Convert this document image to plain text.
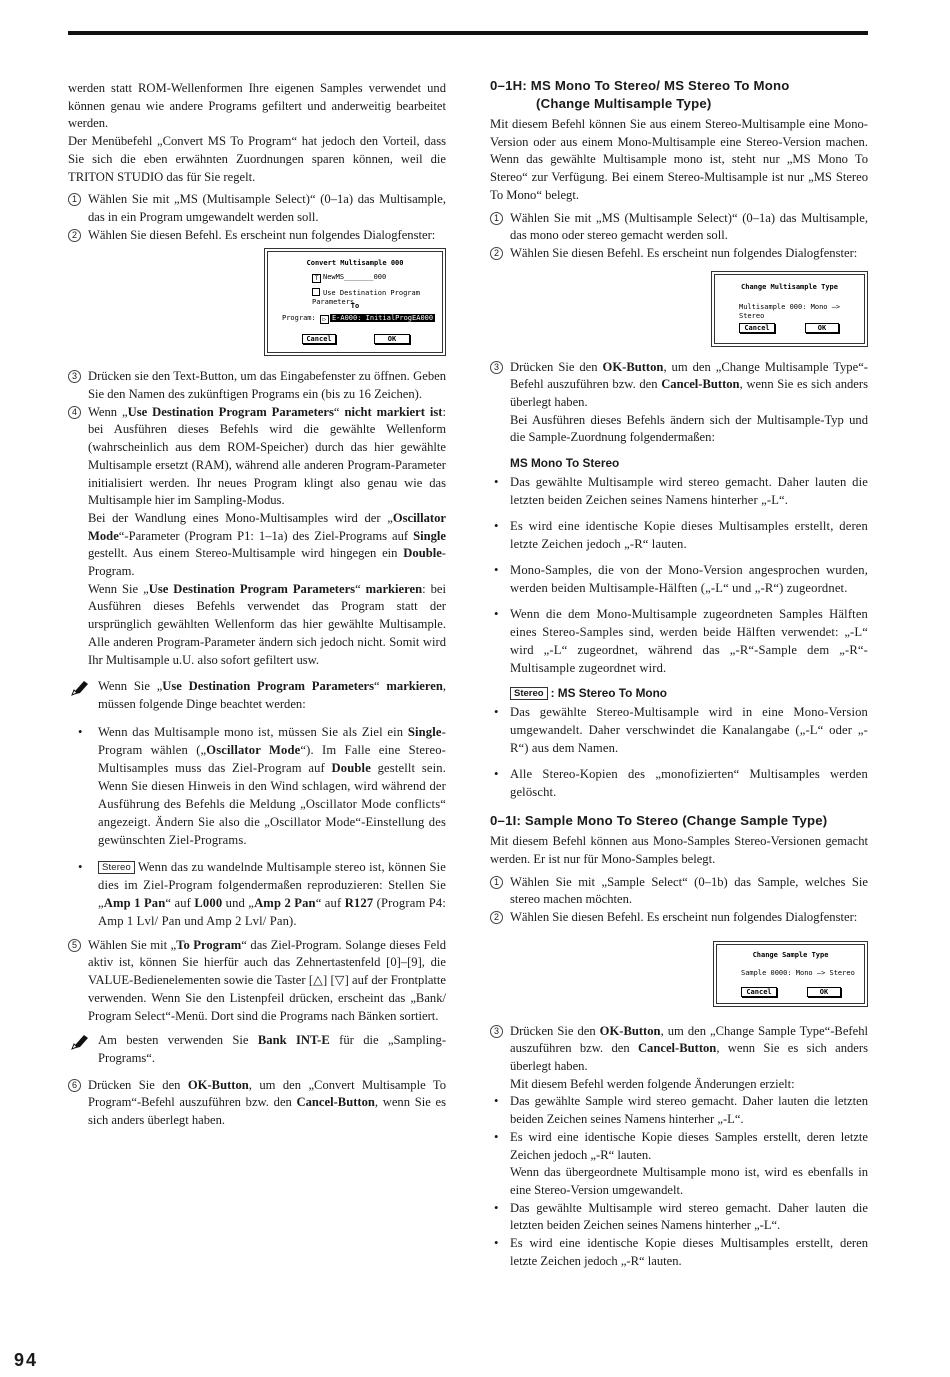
werden statt ROM-Wellenformen Ihre eigenen Samples verwendet und können genau wie andere Programs gefiltert und anderweitig bearbeitet werden.

Der Menübefehl „Convert MS To Program“ hat jedoch den Vorteil, dass Sie sich die eben erwähnten Zuordnungen sparen können, weil die TRITON STUDIO das für Sie regelt.

1 Wählen Sie mit „MS (Multisample Select)“ (0–1a) das Multisample, das in ein Program umgewandelt werden soll.

2 Wählen Sie diesen Befehl. Es erscheint nun folgendes Dialogfenster:

Convert Multisample 000
T NewMS_______000
Use Destination Program Parameters
To
Program: ▷ E-A000: InitialProgEA000
Cancel	OK
3 Drücken sie den Text-Button, um das Eingabefenster zu öffnen. Geben Sie den Namen des zukünftigen Programs ein (bis zu 16 Zeichen).

4 Wenn „Use Destination Program Parameters“ nicht markiert ist: bei Ausführen dieses Befehls wird die gewählte Wellenform (wahrscheinlich aus dem ROM-Speicher) durch das hier gewählte Multisample ersetzt (RAM), während alle anderen Program-Parameter initialisiert werden. Ihr neues Program klingt also genau wie das Multisample hier im Sampling-Modus.

Bei der Wandlung eines Mono-Multisamples wird der „Oscillator Mode“-Parameter (Program P1: 1–1a) des Ziel-Programs auf Single gestellt. Aus einem Stereo-Multisample wird hingegen ein Double-Program.

Wenn Sie „Use Destination Program Parameters“ markieren: bei Ausführen dieses Befehls verwendet das Program statt der ursprünglich gewählten Wellenform das hier gewählte Multisample. Alle anderen Program-Parameter ändern sich jedoch nicht. Somit wird Ihr Multisample u.U. also sofort gefiltert usw.

Wenn Sie „Use Destination Program Parameters“ markieren, müssen folgende Dinge beachtet werden:

• Wenn das Multisample mono ist, müssen Sie als Ziel ein Single-Program wählen („Oscillator Mode“). Im Falle eine Stereo-Multisamples muss das Ziel-Program auf Double gestellt sein. Wenn Sie diesen Hinweis in den Wind schlagen, wird während der Ausführung des Befehls die Meldung „Oscillator Mode conflicts“ angezeigt. Ändern Sie also die „Oscillator Mode“-Einstellung des gewünschten Ziel-Programs.

•	Stereo Wenn das zu wandelnde Multisample stereo ist, können Sie dies im Ziel-Program folgendermaßen reproduzieren: Stellen Sie „Amp 1 Pan“ auf L000 und „Amp 2 Pan“ auf R127 (Program P4: Amp 1 Lvl/ Pan und Amp 2 Lvl/ Pan).

5 Wählen Sie mit „To Program“ das Ziel-Program. Solange dieses Feld aktiv ist, können Sie hierfür auch das Zehnertastenfeld [0]–[9], die VALUE-Bedienelementen sowie die Taster [△] [▽] auf der Frontplatte verwenden. Wenn Sie den Listenpfeil drücken, erscheint das „Bank/ Program Select“-Menü. Dort sind die Programs nach Bänken sortiert.

Am besten verwenden Sie Bank INT-E für die „Sampling-Programs“.

6 Drücken Sie den OK-Button, um den „Convert Multisample To Program“-Befehl auszuführen bzw. den Cancel-Button, wenn Sie es sich anders überlegt haben.

0–1H: MS Mono To Stereo/ MS Stereo To Mono
(Change Multisample Type)

Mit diesem Befehl können Sie aus einem Stereo-Multisample eine Mono-Version oder aus einem Mono-Multisample eine Stereo-Version machen. Wenn das gewählte Multisample mono ist, steht nur „MS Mono To Stereo“ zur Verfügung. Bei einem Stereo-Multisample ist nur „MS Stereo To Mono“ belegt.

1 Wählen Sie mit „MS (Multisample Select)“ (0–1a) das Multisample, das mono oder stereo gemacht werden soll.

2 Wählen Sie diesen Befehl. Es erscheint nun folgendes Dialogfenster:

Change Multisample Type
Multisample 000: Mono –> Stereo
Cancel	OK
3 Drücken Sie den OK-Button, um den „Change Multisample Type“-Befehl auszuführen bzw. den Cancel-Button, wenn Sie es sich anders überlegt haben.

Bei Ausführen dieses Befehls ändern sich der Multisample-Typ und die Sample-Zuordnung folgendermaßen:

MS Mono To Stereo
• Das gewählte Multisample wird stereo gemacht. Daher lauten die letzten beiden Zeichen seines Namens hinterher „-L“.

• Es wird eine identische Kopie dieses Multisamples erstellt, deren letzte Zeichen jedoch „-R“ lauten.

• Mono-Samples, die von der Mono-Version angesprochen wurden, werden beiden Multisample-Hälften („-L“ und „-R“) zugeordnet.

• Wenn die dem Mono-Multisample zugeordneten Samples Hälften eines Stereo-Samples sind, werden beide Hälften verwendet: „-L“ wird „-L“ zugeordnet, während das „-R“-Sample dem „-R“-Multisample zugeordnet wird.

Stereo : MS Stereo To Mono
• Das gewählte Stereo-Multisample wird in eine Mono-Version umgewandelt. Daher verschwindet die Kanalangabe („-L“ oder „-R“) aus dem Namen.

• Alle Stereo-Kopien des „monofizierten“ Multisamples werden gelöscht.

0–1I: Sample Mono To Stereo (Change Sample Type)

Mit diesem Befehl können aus Mono-Samples Stereo-Versionen gemacht werden. Er ist nur für Mono-Samples belegt.

1 Wählen Sie mit „Sample Select“ (0–1b) das Sample, welches Sie stereo machen möchten.

2 Wählen Sie diesen Befehl. Es erscheint nun folgendes Dialogfenster:

Change Sample Type
Sample 0000: Mono –> Stereo
Cancel	OK
3 Drücken Sie den OK-Button, um den „Change Sample Type“-Befehl auszuführen bzw. den Cancel-Button, wenn Sie es sich anders überlegt haben.

Mit diesem Befehl werden folgende Änderungen erzielt:

• Das gewählte Sample wird stereo gemacht. Daher lauten die letzten beiden Zeichen seines Namens hinterher „-L“.

• Es wird eine identische Kopie dieses Samples erstellt, deren letzte Zeichen jedoch „-R“ lauten.

Wenn das übergeordnete Multisample mono ist, wird es ebenfalls in eine Stereo-Version umgewandelt.

• Das gewählte Multisample wird stereo gemacht. Daher lauten die letzten beiden Zeichen seines Namens hinterher „-L“.

• Es wird eine identische Kopie dieses Multisamples erstellt, deren letzte Zeichen jedoch „-R“ lauten.

94
